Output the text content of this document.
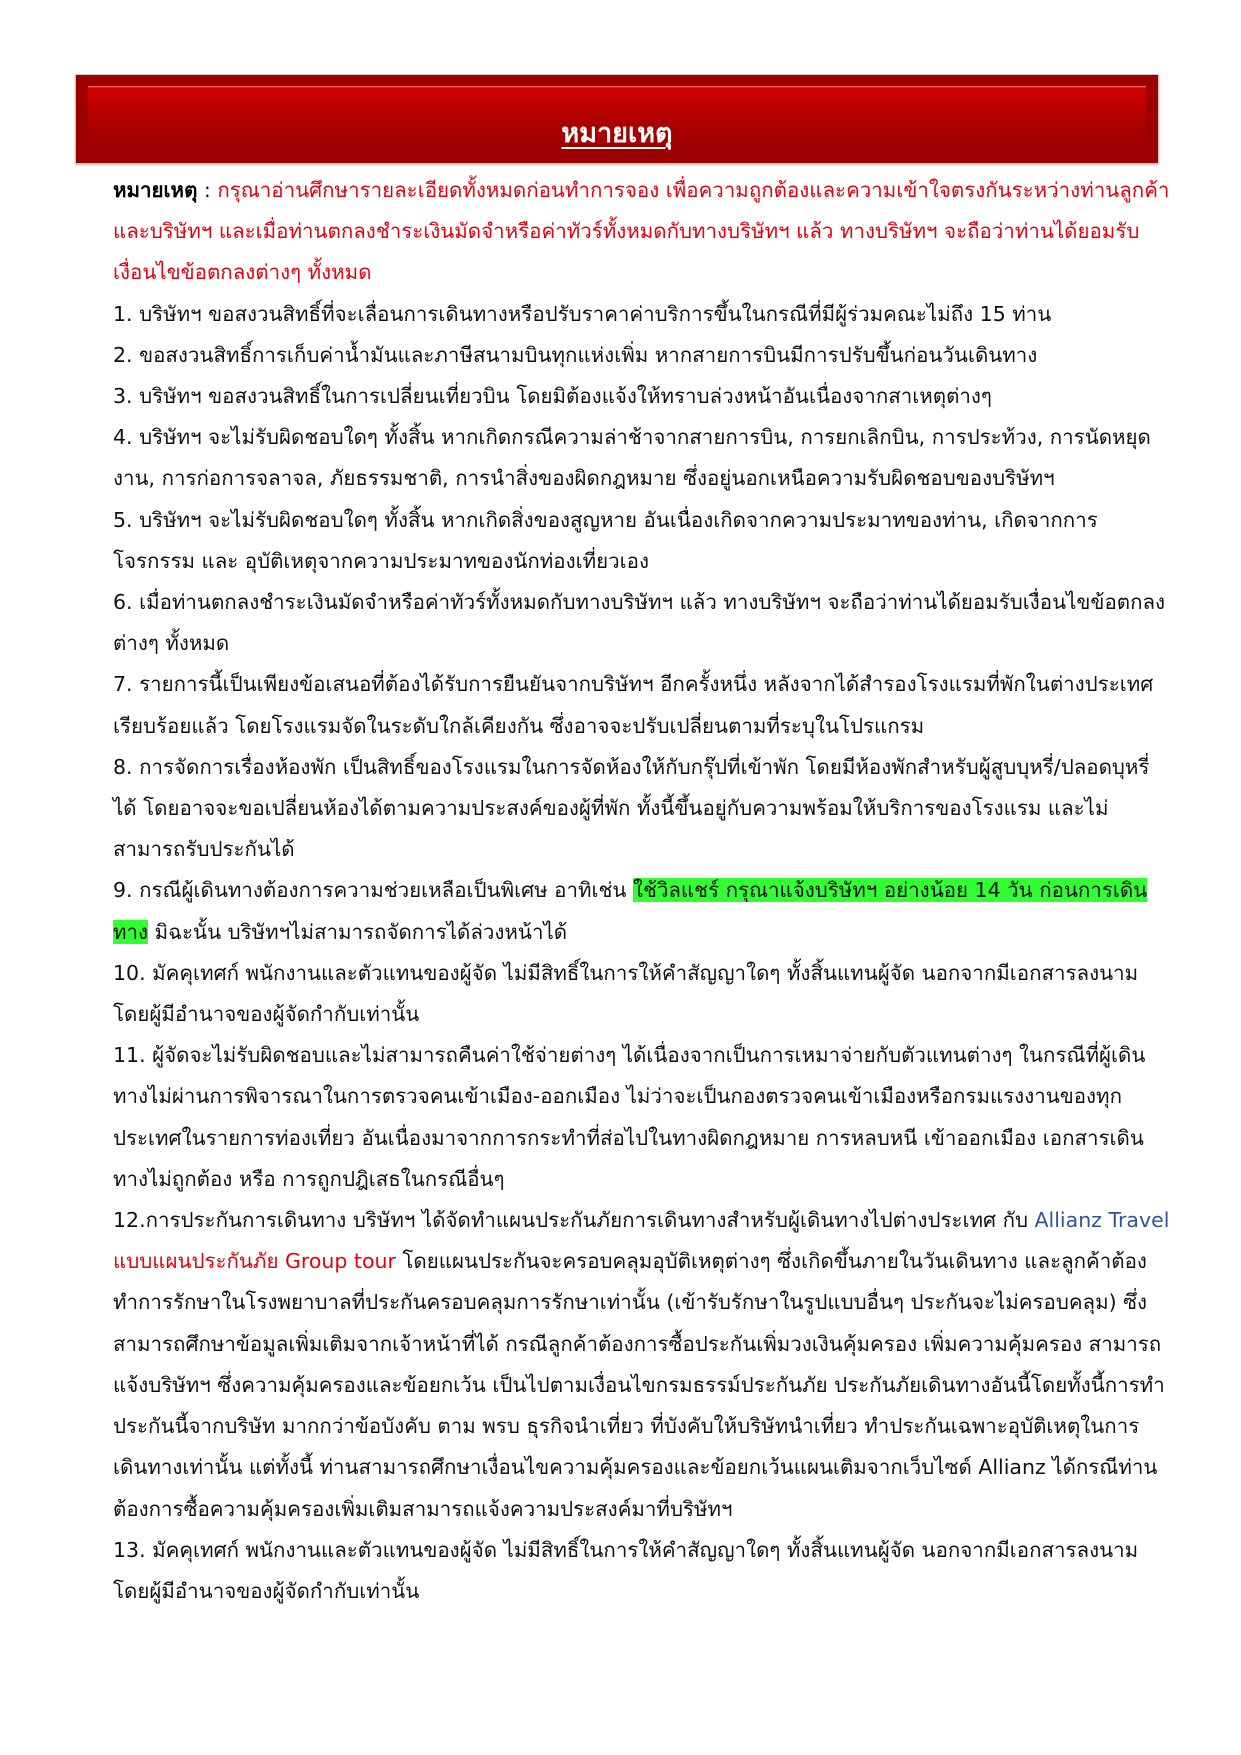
หมายเหตุ

หมายเหตุ : กรุณาอ่านศึกษารายละเอียดทั้งหมดก่อนทำการจอง เพื่อความถูกต้องและความเข้าใจตรงกันระหว่างท่านลูกค้าและบริษัทฯ และเมื่อท่านตกลงชำระเงินมัดจำหรือค่าทัวร์ทั้งหมดกับทางบริษัทฯ แล้ว ทางบริษัทฯ จะถือว่าท่านได้ยอมรับเงื่อนไขข้อตกลงต่างๆ ทั้งหมด

1. บริษัทฯ ขอสงวนสิทธิ์ที่จะเลื่อนการเดินทางหรือปรับราคาค่าบริการขึ้นในกรณีที่มีผู้ร่วมคณะไม่ถึง 15 ท่าน

2. ขอสงวนสิทธิ์การเก็บค่าน้ำมันและภาษีสนามบินทุกแห่งเพิ่ม หากสายการบินมีการปรับขึ้นก่อนวันเดินทาง

3. บริษัทฯ ขอสงวนสิทธิ์ในการเปลี่ยนเที่ยวบิน โดยมิต้องแจ้งให้ทราบล่วงหน้าอันเนื่องจากสาเหตุต่างๆ

4. บริษัทฯ จะไม่รับผิดชอบใดๆ ทั้งสิ้น หากเกิดกรณีความล่าช้าจากสายการบิน, การยกเลิกบิน, การประท้วง, การนัดหยุดงาน, การก่อการจลาจล, ภัยธรรมชาติ, การนำสิ่งของผิดกฎหมาย ซึ่งอยู่นอกเหนือความรับผิดชอบของบริษัทฯ

5. บริษัทฯ จะไม่รับผิดชอบใดๆ ทั้งสิ้น หากเกิดสิ่งของสูญหาย อันเนื่องเกิดจากความประมาทของท่าน, เกิดจากการโจรกรรม และ อุบัติเหตุจากความประมาทของนักท่องเที่ยวเอง

6. เมื่อท่านตกลงชำระเงินมัดจำหรือค่าทัวร์ทั้งหมดกับทางบริษัทฯ แล้ว ทางบริษัทฯ จะถือว่าท่านได้ยอมรับเงื่อนไขข้อตกลงต่างๆ ทั้งหมด

7. รายการนี้เป็นเพียงข้อเสนอที่ต้องได้รับการยืนยันจากบริษัทฯ อีกครั้งหนึ่ง หลังจากได้สำรองโรงแรมที่พักในต่างประเทศเรียบร้อยแล้ว โดยโรงแรมจัดในระดับใกล้เคียงกัน ซึ่งอาจจะปรับเปลี่ยนตามที่ระบุในโปรแกรม

8. การจัดการเรื่องห้องพัก เป็นสิทธิ์ของโรงแรมในการจัดห้องให้กับกรุ๊ปที่เข้าพัก โดยมีห้องพักสำหรับผู้สูบบุหรี่/ปลอดบุหรี่ได้ โดยอาจจะขอเปลี่ยนห้องได้ตามความประสงค์ของผู้ที่พัก ทั้งนี้ขึ้นอยู่กับความพร้อมให้บริการของโรงแรม และไม่สามารถรับประกันได้

9. กรณีผู้เดินทางต้องการความช่วยเหลือเป็นพิเศษ อาทิเช่น ใช้วิลแชร์ กรุณาแจ้งบริษัทฯ อย่างน้อย 14 วัน ก่อนการเดินทาง มิฉะนั้น บริษัทฯไม่สามารถจัดการได้ล่วงหน้าได้

10. มัคคุเทศก์ พนักงานและตัวแทนของผู้จัด ไม่มีสิทธิ์ในการให้คำสัญญาใดๆ ทั้งสิ้นแทนผู้จัด นอกจากมีเอกสารลงนามโดยผู้มีอำนาจของผู้จัดกำกับเท่านั้น

11. ผู้จัดจะไม่รับผิดชอบและไม่สามารถคืนค่าใช้จ่ายต่างๆ ได้เนื่องจากเป็นการเหมาจ่ายกับตัวแทนต่างๆ ในกรณีที่ผู้เดินทางไม่ผ่านการพิจารณาในการตรวจคนเข้าเมือง-ออกเมือง ไม่ว่าจะเป็นกองตรวจคนเข้าเมืองหรือกรมแรงงานของทุกประเทศในรายการท่องเที่ยว อันเนื่องมาจากการกระทำที่ส่อไปในทางผิดกฎหมาย การหลบหนี เข้าออกเมือง เอกสารเดินทางไม่ถูกต้อง หรือ การถูกปฎิเสธในกรณีอื่นๆ

12.การประกันการเดินทาง บริษัทฯ ได้จัดทำแผนประกันภัยการเดินทางสำหรับผู้เดินทางไปต่างประเทศ กับ Allianz Travel แบบแผนประกันภัย Group tour โดยแผนประกันจะครอบคลุมอุบัติเหตุต่างๆ ซึ่งเกิดขึ้นภายในวันเดินทาง และลูกค้าต้องทำการรักษาในโรงพยาบาลที่ประกันครอบคลุมการรักษาเท่านั้น (เข้ารับรักษาในรูปแบบอื่นๆ ประกันจะไม่ครอบคลุม) ซึ่งสามารถศึกษาข้อมูลเพิ่มเติมจากเจ้าหน้าที่ได้ กรณีลูกค้าต้องการซื้อประกันเพิ่มวงเงินคุ้มครอง เพิ่มความคุ้มครอง สามารถแจ้งบริษัทฯ ซึ่งความคุ้มครองและข้อยกเว้น เป็นไปตามเงื่อนไขกรมธรรม์ประกันภัย ประกันภัยเดินทางอันนี้โดยทั้งนี้การทำประกันนี้จากบริษัท มากกว่าข้อบังคับ ตาม พรบ ธุรกิจนำเที่ยว ที่บังคับให้บริษัทนำเที่ยว ทำประกันเฉพาะอุบัติเหตุในการเดินทางเท่านั้น แต่ทั้งนี้ ท่านสามารถศึกษาเงื่อนไขความคุ้มครองและข้อยกเว้นแผนเติมจากเว็บไซด์ Allianz ได้กรณีท่านต้องการซื้อความคุ้มครองเพิ่มเติมสามารถแจ้งความประสงค์มาที่บริษัทฯ

13. มัคคุเทศก์ พนักงานและตัวแทนของผู้จัด ไม่มีสิทธิ์ในการให้คำสัญญาใดๆ ทั้งสิ้นแทนผู้จัด นอกจากมีเอกสารลงนามโดยผู้มีอำนาจของผู้จัดกำกับเท่านั้น
